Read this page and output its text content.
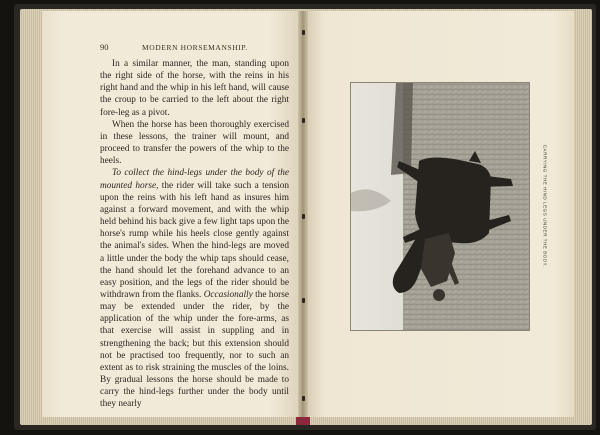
90	MODERN HORSEMANSHIP.

In a similar manner, the man, standing upon the right side of the horse, with the reins in his right hand and the whip in his left hand, will cause the croup to be carried to the left about the right fore-leg as a pivot.

When the horse has been thoroughly exercised in these lessons, the trainer will mount, and proceed to transfer the powers of the whip to the heels.

To collect the hind-legs under the body of the mounted horse, the rider will take such a tension upon the reins with his left hand as insures him against a forward movement, and with the whip held behind his back give a few light taps upon the horse's rump while his heels close gently against the animal's sides. When the hind-legs are moved a little under the body the whip taps should cease, the hand should let the forehand advance to an easy position, and the legs of the rider should be withdrawn from the flanks. Occasionally the horse may be extended under the rider, by the application of the whip under the fore-arms, as that exercise will assist in suppling and in strengthening the back; but this extension should not be practised too frequently, nor to such an extent as to risk straining the muscles of the loins. By gradual lessons the horse should be made to carry the hind-legs further under the body until they nearly

CARRYING THE HIND LEGS UNDER THE BODY.
